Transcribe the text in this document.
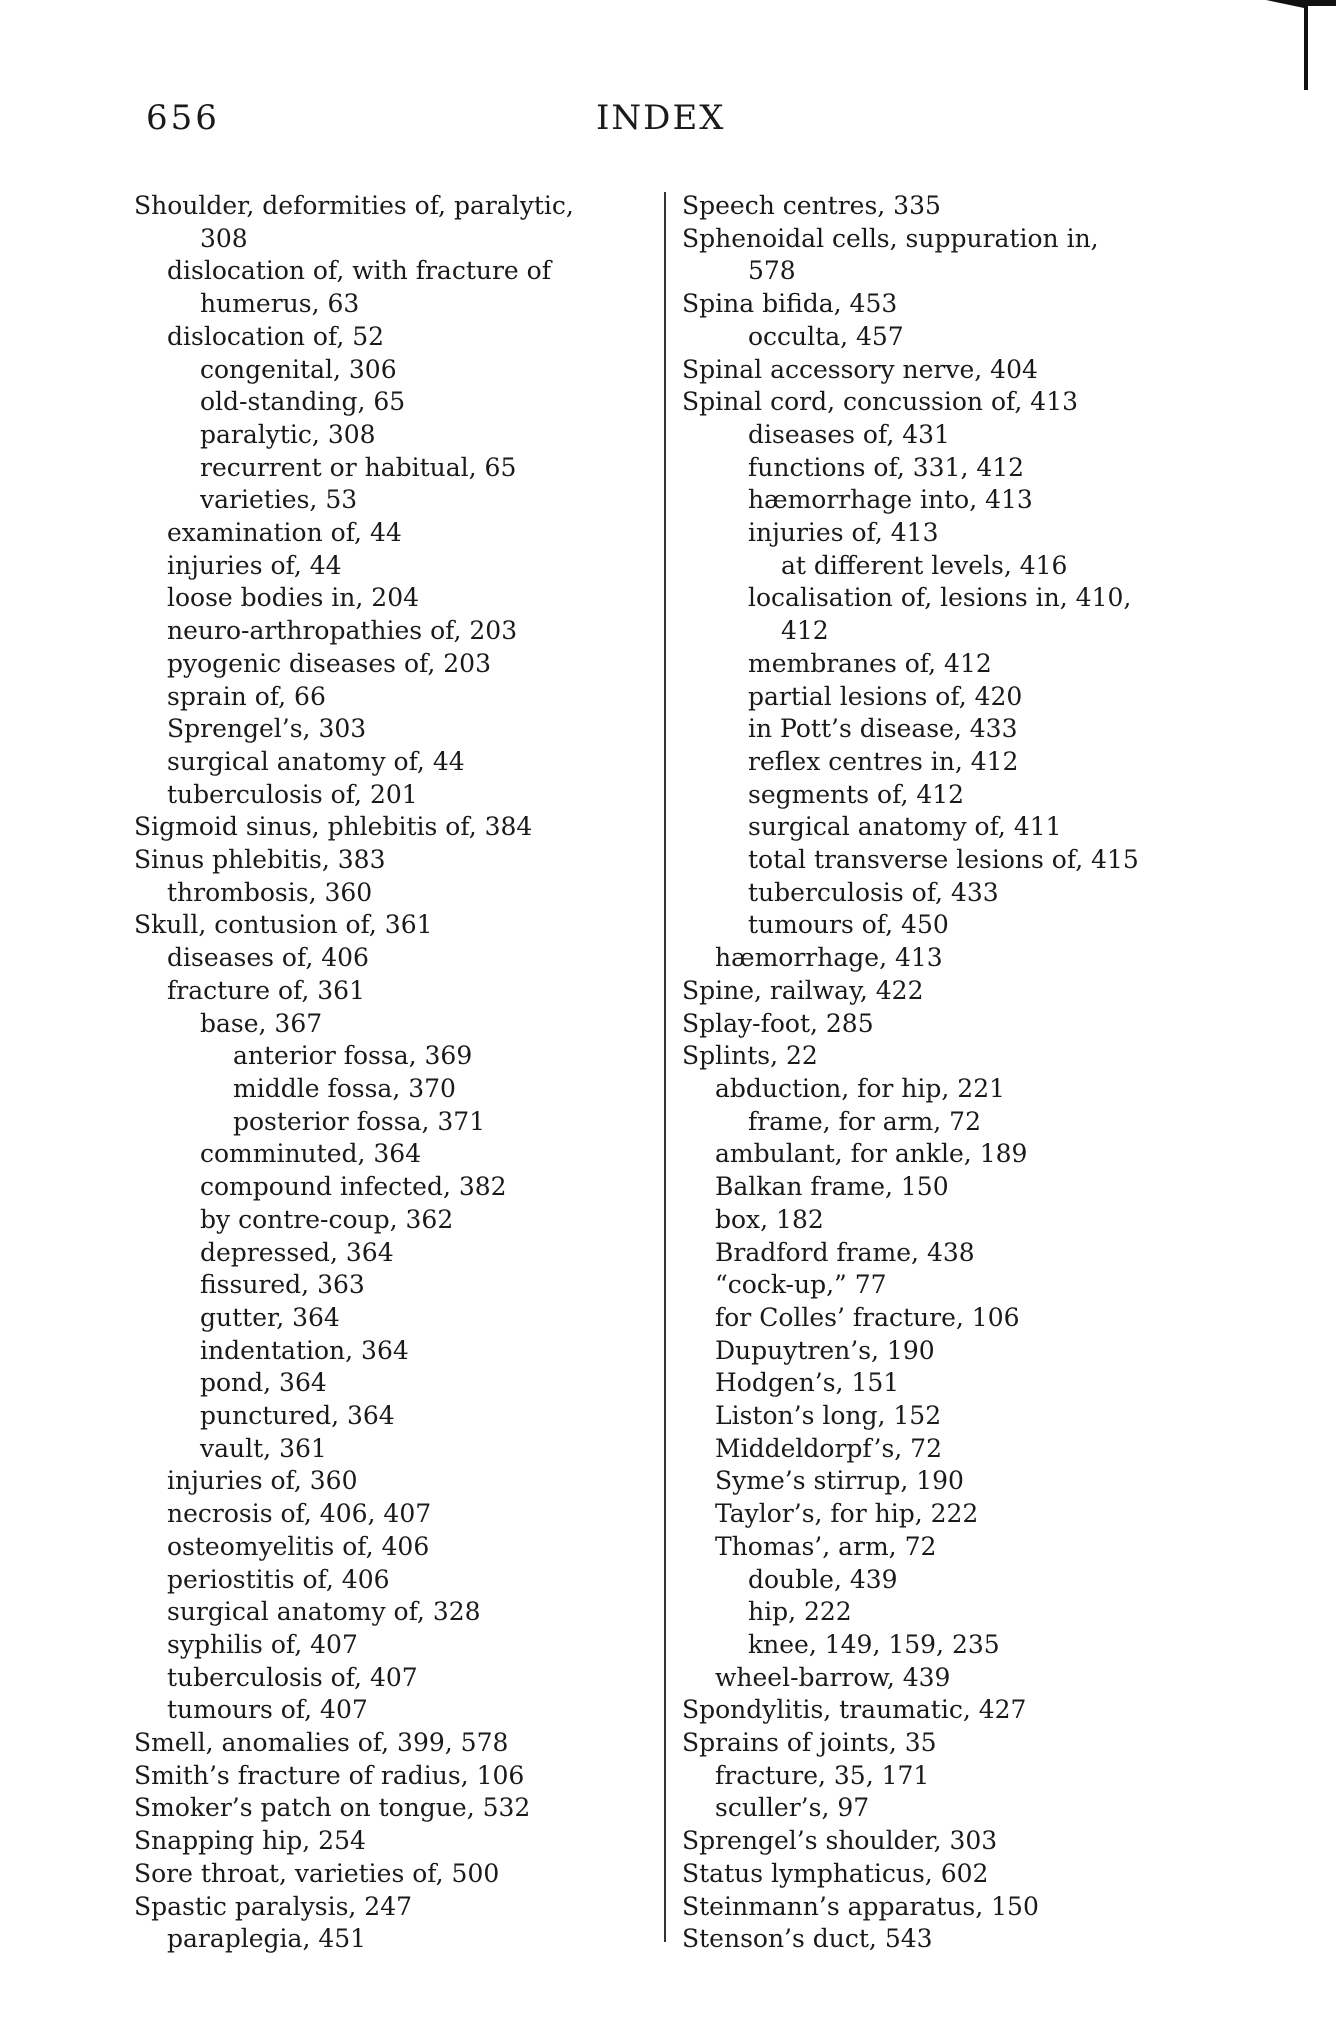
656	INDEX
Shoulder, deformities of, paralytic,
308
dislocation of, with fracture of
humerus, 63
dislocation of, 52
congenital, 306
old-standing, 65
paralytic, 308
recurrent or habitual, 65
varieties, 53
examination of, 44
injuries of, 44
loose bodies in, 204
neuro-arthropathies of, 203
pyogenic diseases of, 203
sprain of, 66
Sprengel’s, 303
surgical anatomy of, 44
tuberculosis of, 201
Sigmoid sinus, phlebitis of, 384
Sinus phlebitis, 383
thrombosis, 360
Skull, contusion of, 361
diseases of, 406
fracture of, 361
base, 367
anterior fossa, 369
middle fossa, 370
posterior fossa, 371
comminuted, 364
compound infected, 382
by contre-coup, 362
depressed, 364
fissured, 363
gutter, 364
indentation, 364
pond, 364
punctured, 364
vault, 361
injuries of, 360
necrosis of, 406, 407
osteomyelitis of, 406
periostitis of, 406
surgical anatomy of, 328
syphilis of, 407
tuberculosis of, 407
tumours of, 407
Smell, anomalies of, 399, 578
Smith’s fracture of radius, 106
Smoker’s patch on tongue, 532
Snapping hip, 254
Sore throat, varieties of, 500
Spastic paralysis, 247
paraplegia, 451
Speech centres, 335
Sphenoidal cells, suppuration in,
578
Spina bifida, 453
occulta, 457
Spinal accessory nerve, 404
Spinal cord, concussion of, 413
diseases of, 431
functions of, 331, 412
hæmorrhage into, 413
injuries of, 413
at different levels, 416
localisation of, lesions in, 410,
412
membranes of, 412
partial lesions of, 420
in Pott’s disease, 433
reflex centres in, 412
segments of, 412
surgical anatomy of, 411
total transverse lesions of, 415
tuberculosis of, 433
tumours of, 450
hæmorrhage, 413
Spine, railway, 422
Splay-foot, 285
Splints, 22
abduction, for hip, 221
frame, for arm, 72
ambulant, for ankle, 189
Balkan frame, 150
box, 182
Bradford frame, 438
“cock-up,” 77
for Colles’ fracture, 106
Dupuytren’s, 190
Hodgen’s, 151
Liston’s long, 152
Middeldorpf’s, 72
Syme’s stirrup, 190
Taylor’s, for hip, 222
Thomas’, arm, 72
double, 439
hip, 222
knee, 149, 159, 235
wheel-barrow, 439
Spondylitis, traumatic, 427
Sprains of joints, 35
fracture, 35, 171
sculler’s, 97
Sprengel’s shoulder, 303
Status lymphaticus, 602
Steinmann’s apparatus, 150
Stenson’s duct, 543
